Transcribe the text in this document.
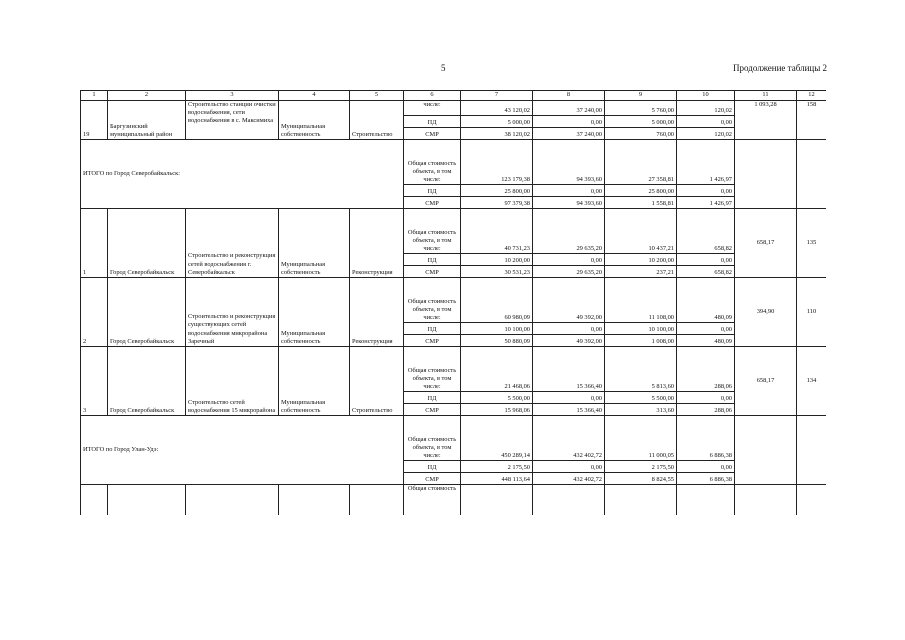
5	Продолжение таблицы 2
1	2	3	4	5	6	7	8	9	10	11	12
19	Баргузинский муниципальный район	Строительство станции очистки водоснабжения, сети водоснабжения в с. Максимиха	Муниципальная собственность	Строительство	числе:	43 120,02	37 240,00	5 760,00	120,02	1 093,28	158
					ПД	5 000,00	0,00	5 000,00	0,00		
					СМР	38 120,02	37 240,00	760,00	120,02		
ИТОГО по Город Северобайкальск:					Общая стоимость объекта, в том числе:	123 179,38	94 393,60	27 358,81	1 426,97		
					ПД	25 800,00	0,00	25 800,00	0,00		
					СМР	97 379,38	94 393,60	1 558,81	1 426,97		
1	Город Северобайкальск	Строительство и реконструкция сетей водоснабжения г. Северобайкальск	Муниципальная собственность	Реконструкция	Общая стоимость объекта, в том числе:	40 731,23	29 635,20	10 437,21	658,82	658,17	135
					ПД	10 200,00	0,00	10 200,00	0,00		
					СМР	30 531,23	29 635,20	237,21	658,82		
2	Город Северобайкальск	Строительство и реконструкция существующих сетей водоснабжения микрорайона Заречный	Муниципальная собственность	Реконструкция	Общая стоимость объекта, в том числе:	60 980,09	49 392,00	11 108,00	480,09	394,90	110
					ПД	10 100,00	0,00	10 100,00	0,00		
					СМР	50 880,09	49 392,00	1 008,00	480,09		
3	Город Северобайкальск	Строительство сетей водоснабжения 15 микрорайона	Муниципальная собственность	Строительство	Общая стоимость объекта, в том числе:	21 468,06	15 366,40	5 813,60	288,06	658,17	134
					ПД	5 500,00	0,00	5 500,00	0,00		
					СМР	15 968,06	15 366,40	313,60	288,06		
ИТОГО по Город Улан-Удэ:					Общая стоимость объекта, в том числе:	450 289,14	432 402,72	11 000,05	6 886,38		
					ПД	2 175,50	0,00	2 175,50	0,00		
					СМР	448 113,64	432 402,72	8 824,55	6 886,38		
					Общая стоимость						
